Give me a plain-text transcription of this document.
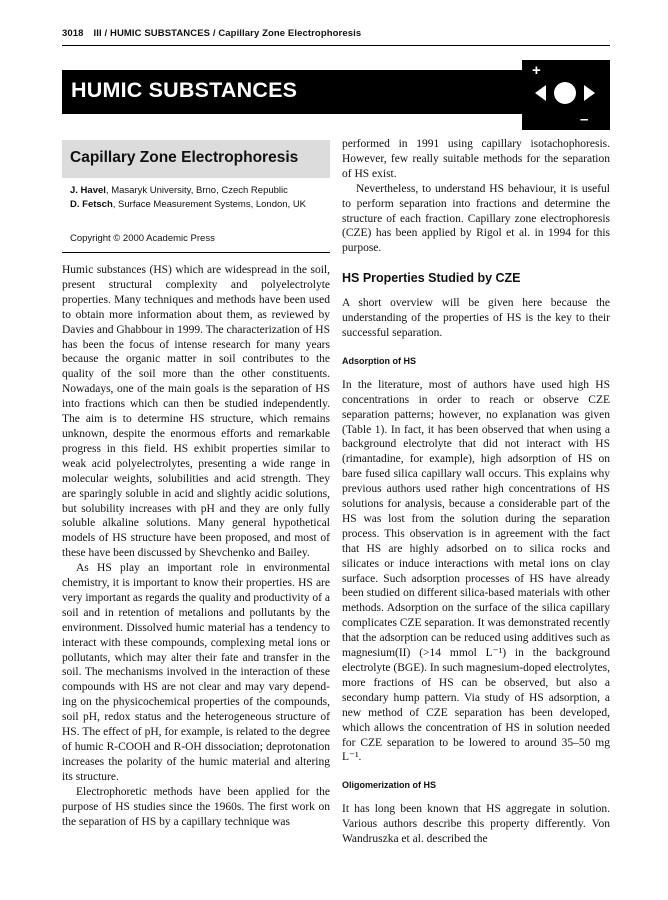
3018 III / HUMIC SUBSTANCES / Capillary Zone Electrophoresis
HUMIC SUBSTANCES
+
–
Capillary Zone Electrophoresis
J. Havel, Masaryk University, Brno, Czech Republic
D. Fetsch, Surface Measurement Systems, London, UK
Copyright © 2000 Academic Press

Humic substances (HS) which are widespread in the soil, present structural complexity and polyelectrolyte properties. Many techniques and methods have been used to obtain more information about them, as reviewed by Davies and Ghabbour in 1999. The characterization of HS has been the focus of intense research for many years because the organic matter in soil contributes to the quality of the soil more than the other constituents. Nowadays, one of the main goals is the separation of HS into fractions which can then be studied independently. The aim is to determine HS structure, which remains unknown, despite the enormous efforts and remarkable progress in this field. HS exhibit properties similar to weak acid polyelectrolytes, presenting a wide range in molecular weights, solubilities and acid strength. They are sparingly soluble in acid and slightly acidic solutions, but solubility increases with pH and they are only fully soluble alkaline solutions. Many general hypothetical models of HS structure have been proposed, and most of these have been discussed by Shevchenko and Bailey.

As HS play an important role in environmental chemistry, it is important to know their properties. HS are very important as regards the quality and productivity of a soil and in retention of metalions and pollutants by the environment. Dissolved humic material has a tendency to interact with these compounds, complexing metal ions or pollutants, which may alter their fate and transfer in the soil. The mechanisms involved in the interaction of these compounds with HS are not clear and may vary depending on the physicochemical properties of the compounds, soil pH, redox status and the heterogeneous structure of HS. The effect of pH, for example, is related to the degree of humic R-COOH and R-OH dissociation; deprotonation increases the polarity of the humic material and altering its structure.

Electrophoretic methods have been applied for the purpose of HS studies since the 1960s. The first work on the separation of HS by a capillary technique was

performed in 1991 using capillary isotachophoresis. However, few really suitable methods for the separation of HS exist.

Nevertheless, to understand HS behaviour, it is useful to perform separation into fractions and determine the structure of each fraction. Capillary zone electrophoresis (CZE) has been applied by Rigol et al. in 1994 for this purpose.

HS Properties Studied by CZE

A short overview will be given here because the understanding of the properties of HS is the key to their successful separation.

Adsorption of HS

In the literature, most of authors have used high HS concentrations in order to reach or observe CZE separation patterns; however, no explanation was given (Table 1). In fact, it has been observed that when using a background electrolyte that did not interact with HS (rimantadine, for example), high adsorption of HS on bare fused silica capillary wall occurs. This explains why previous authors used rather high concentrations of HS solutions for analysis, because a considerable part of the HS was lost from the solution during the separation process. This observation is in agreement with the fact that HS are highly adsorbed on to silica rocks and silicates or induce interactions with metal ions on clay surface. Such adsorption processes of HS have already been studied on different silica-based materials with other methods. Adsorption on the surface of the silica capillary complicates CZE separation. It was demonstrated recently that the adsorption can be reduced using additives such as magnesium(II) (>14 mmol L⁻¹) in the background electrolyte (BGE). In such magnesium-doped electrolytes, more fractions of HS can be observed, but also a secondary hump pattern. Via study of HS adsorption, a new method of CZE separation has been developed, which allows the concentration of HS in solution needed for CZE separation to be lowered to around 35–50 mg L⁻¹.

Oligomerization of HS

It has long been known that HS aggregate in solution. Various authors describe this property differently. Von Wandruszka et al. described the
